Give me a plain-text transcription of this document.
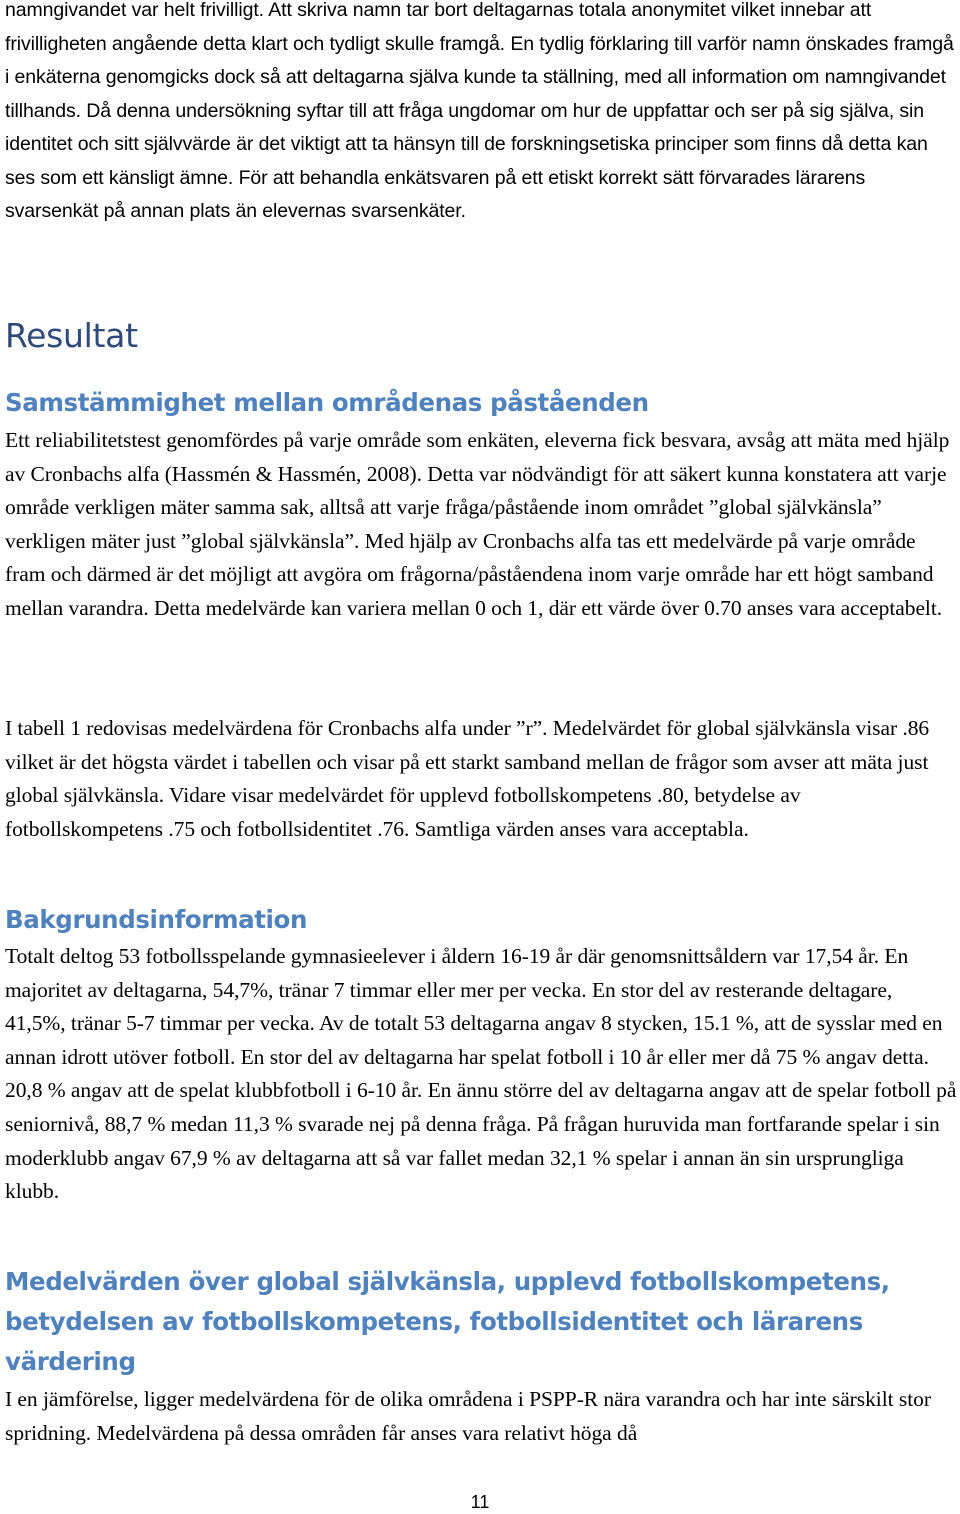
namngivandet var helt frivilligt. Att skriva namn tar bort deltagarnas totala anonymitet vilket innebar att frivilligheten angående detta klart och tydligt skulle framgå. En tydlig förklaring till varför namn önskades framgå i enkäterna genomgicks dock så att deltagarna själva kunde ta ställning, med all information om namngivandet tillhands. Då denna undersökning syftar till att fråga ungdomar om hur de uppfattar och ser på sig själva, sin identitet och sitt självvärde är det viktigt att ta hänsyn till de forskningsetiska principer som finns då detta kan ses som ett känsligt ämne. För att behandla enkätsvaren på ett etiskt korrekt sätt förvarades lärarens svarsenkät på annan plats än elevernas svarsenkäter.

Resultat
Samstämmighet mellan områdenas påståenden

Ett reliabilitetstest genomfördes på varje område som enkäten, eleverna fick besvara, avsåg att mäta med hjälp av Cronbachs alfa (Hassmén & Hassmén, 2008). Detta var nödvändigt för att säkert kunna konstatera att varje område verkligen mäter samma sak, alltså att varje fråga/påstående inom området ”global självkänsla” verkligen mäter just ”global självkänsla”. Med hjälp av Cronbachs alfa tas ett medelvärde på varje område fram och därmed är det möjligt att avgöra om frågorna/påståendena inom varje område har ett högt samband mellan varandra. Detta medelvärde kan variera mellan 0 och 1, där ett värde över 0.70 anses vara acceptabelt.

I tabell 1 redovisas medelvärdena för Cronbachs alfa under ”r”. Medelvärdet för global självkänsla visar .86 vilket är det högsta värdet i tabellen och visar på ett starkt samband mellan de frågor som avser att mäta just global självkänsla. Vidare visar medelvärdet för upplevd fotbollskompetens .80, betydelse av fotbollskompetens .75 och fotbollsidentitet .76. Samtliga värden anses vara acceptabla.

Bakgrundsinformation

Totalt deltog 53 fotbollsspelande gymnasieelever i åldern 16-19 år där genomsnittsåldern var 17,54 år. En majoritet av deltagarna, 54,7%, tränar 7 timmar eller mer per vecka. En stor del av resterande deltagare, 41,5%, tränar 5-7 timmar per vecka. Av de totalt 53 deltagarna angav 8 stycken, 15.1 %, att de sysslar med en annan idrott utöver fotboll. En stor del av deltagarna har spelat fotboll i 10 år eller mer då 75 % angav detta. 20,8 % angav att de spelat klubbfotboll i 6-10 år. En ännu större del av deltagarna angav att de spelar fotboll på seniornivå, 88,7 % medan 11,3 % svarade nej på denna fråga. På frågan huruvida man fortfarande spelar i sin moderklubb angav 67,9 % av deltagarna att så var fallet medan 32,1 % spelar i annan än sin ursprungliga klubb.

Medelvärden över global självkänsla, upplevd fotbollskompetens, betydelsen av fotbollskompetens, fotbollsidentitet och lärarens värdering

I en jämförelse, ligger medelvärdena för de olika områdena i PSPP-R nära varandra och har inte särskilt stor spridning. Medelvärdena på dessa områden får anses vara relativt höga då

11
